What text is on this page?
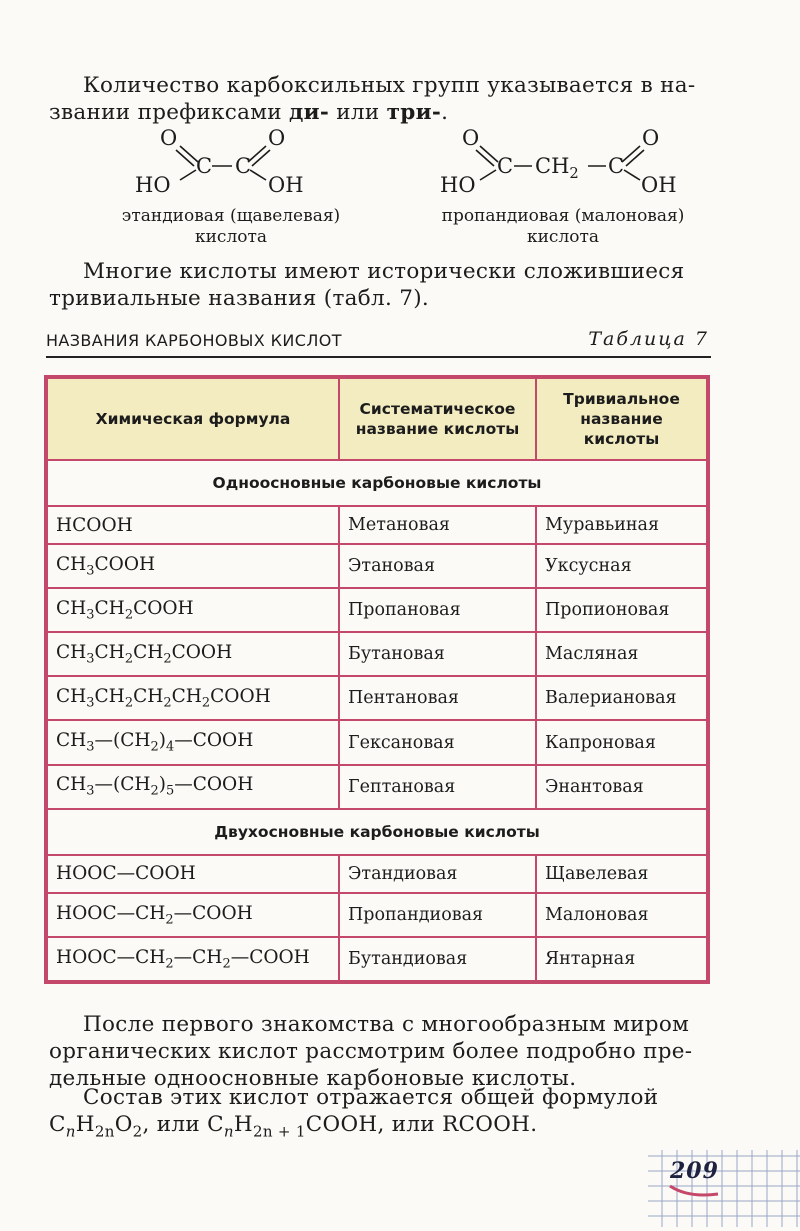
Количество карбоксильных групп указывается в на-
звании префиксами ди- или три-.
O	O
C C
HO	OH
этандиовая (щавелевая)
кислота
O	O
C $CH_2$ C
HO	OH
пропандиовая (малоновая)
кислота
Многие кислоты имеют исторически сложившиеся
тривиальные названия (табл. 7).
НАЗВАНИЯ КАРБОНОВЫХ КИСЛОТ	Таблица 7
Химическая формула	Систематическое название кислоты	Тривиальное название кислоты
Одноосновные карбоновые кислоты		
HCOOH	Метановая	Муравьиная
$CH_3COOH$	Этановая	Уксусная
$CH_3CH_2COOH$	Пропановая	Пропионовая
$CH_3CH_2CH_2COOH$	Бутановая	Масляная
$CH_3CH_2CH_2CH_2COOH$	Пентановая	Валериановая
$CH_3—(CH_2)_4—COOH$	Гексановая	Капроновая
$CH_3—(CH_2)_5—COOH$	Гептановая	Энантовая
Двухосновные карбоновые кислоты		
HOOC—COOH	Этандиовая	Щавелевая
$HOOC—CH_2—COOH$	Пропандиовая	Малоновая
$HOOC—CH_2—CH_2—COOH$	Бутандиовая	Янтарная
После первого знакомства с многообразным миром
органических кислот рассмотрим более подробно пре-
дельные одноосновные карбоновые кислоты.
Состав этих кислот отражается общей формулой
$C_nH_{2n}O_2$, или $C_nH_{2n + 1}COOH$, или RCOOH.
209
